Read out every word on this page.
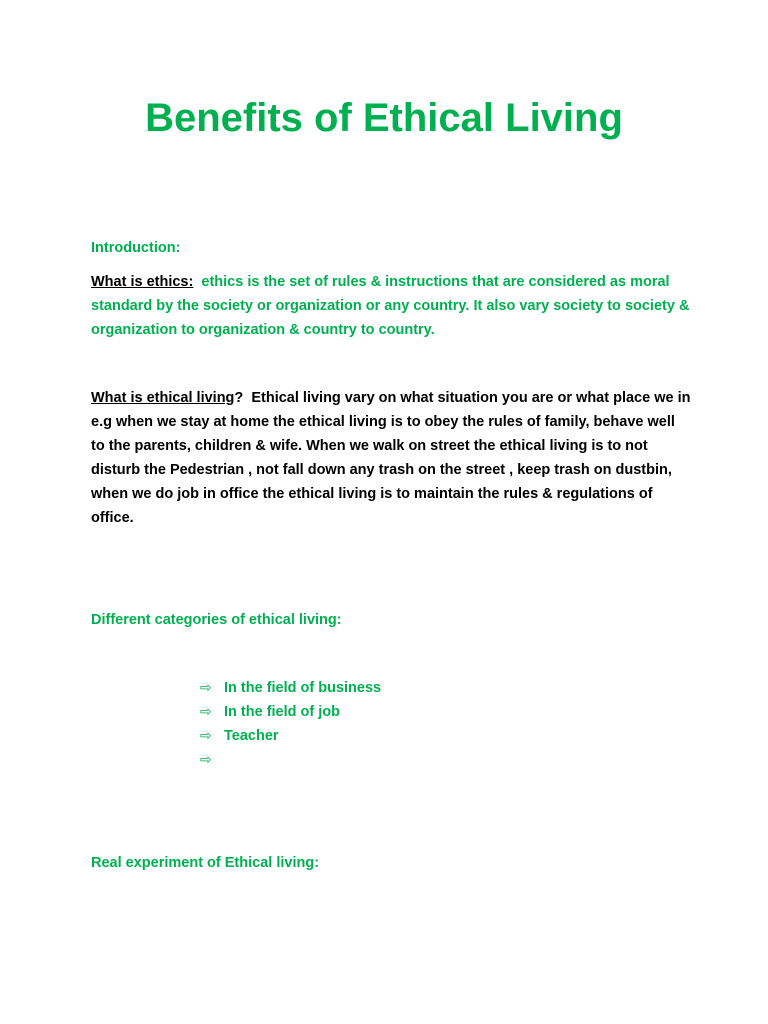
Benefits of Ethical Living

Introduction:

What is ethics: ethics is the set of rules & instructions that are considered as moral standard by the society or organization or any country. It also vary society to society & organization to organization & country to country.

What is ethical living? Ethical living vary on what situation you are or what place we in e.g when we stay at home the ethical living is to obey the rules of family, behave well to the parents, children & wife. When we walk on street the ethical living is to not disturb the Pedestrian , not fall down any trash on the street , keep trash on dustbin, when we do job in office the ethical living is to maintain the rules & regulations of office.

Different categories of ethical living:

⇨ In the field of business
⇨ In the field of job
⇨ Teacher
⇨

Real experiment of Ethical living:
